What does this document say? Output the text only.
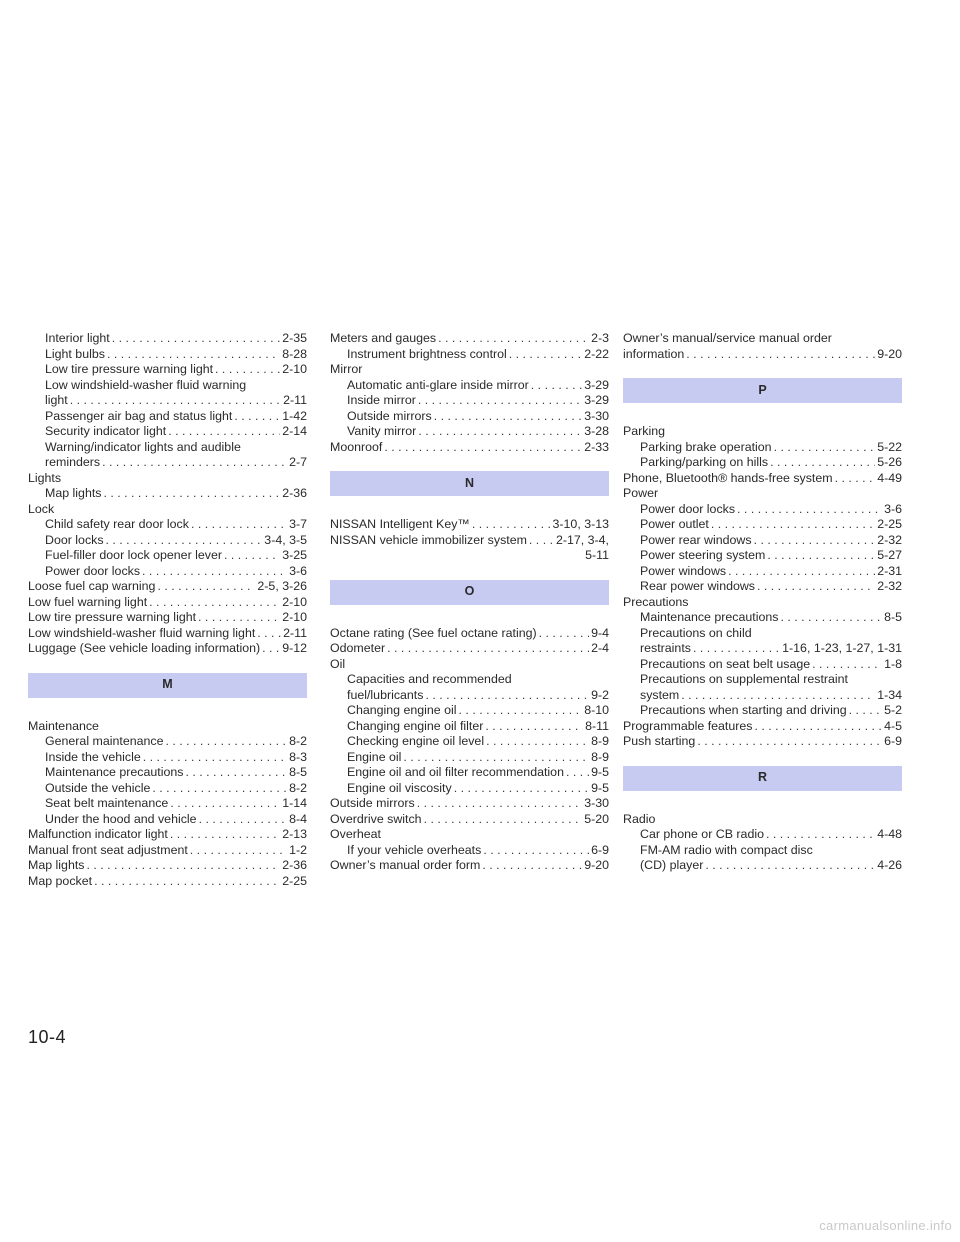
Interior light . . .	2-35
Light bulbs . . .	8-28
Low tire pressure warning light . . .	2-10
Low windshield-washer fluid warning
light . . .	2-11
Passenger air bag and status light . . .	1-42
Security indicator light . . .	2-14
Warning/indicator lights and audible
reminders . . .	2-7
Lights
Map lights . . .	2-36
Lock
Child safety rear door lock . . .	3-7
Door locks . . .	3-4, 3-5
Fuel-filler door lock opener lever . . .	3-25
Power door locks . . .	3-6
Loose fuel cap warning . . .	2-5, 3-26
Low fuel warning light . . .	2-10
Low tire pressure warning light . . .	2-10
Low windshield-washer fluid warning light . . . 2-11
Luggage (See vehicle loading information) . . . 9-12
M
Maintenance
General maintenance . . .	8-2
Inside the vehicle . . .	8-3
Maintenance precautions . . .	8-5
Outside the vehicle . . .	8-2
Seat belt maintenance . . .	1-14
Under the hood and vehicle . . .	8-4
Malfunction indicator light . . .	2-13
Manual front seat adjustment . . .	1-2
Map lights . . .	2-36
Map pocket . . .	2-25
Meters and gauges . . .	2-3
Instrument brightness control . . .	2-22
Mirror
Automatic anti-glare inside mirror . . .	3-29
Inside mirror . . .	3-29
Outside mirrors . . .	3-30
Vanity mirror . . .	3-28
Moonroof . . .	2-33
N
NISSAN Intelligent Key™ . . .	3-10, 3-13
NISSAN vehicle immobilizer system . . . 2-17, 3-4,
5-11
O
Octane rating (See fuel octane rating) . . .	9-4
Odometer . . .	2-4
Oil
Capacities and recommended
fuel/lubricants . . .	9-2
Changing engine oil . . .	8-10
Changing engine oil filter . . .	8-11
Checking engine oil level . . .	8-9
Engine oil . . .	8-9
Engine oil and oil filter recommendation . . . 9-5
Engine oil viscosity . . .	9-5
Outside mirrors . . .	3-30
Overdrive switch . . .	5-20
Overheat
If your vehicle overheats . . .	6-9
Owner’s manual order form . . .	9-20
Owner’s manual/service manual order
information . . .	9-20
P
Parking
Parking brake operation . . .	5-22
Parking/parking on hills . . .	5-26
Phone, Bluetooth® hands-free system . . .	4-49
Power
Power door locks . . .	3-6
Power outlet . . .	2-25
Power rear windows . . .	2-32
Power steering system . . .	5-27
Power windows . . .	2-31
Rear power windows . . .	2-32
Precautions
Maintenance precautions . . .	8-5
Precautions on child
restraints . . .	1-16, 1-23, 1-27, 1-31
Precautions on seat belt usage . . .	1-8
Precautions on supplemental restraint
system . . .	1-34
Precautions when starting and driving . . .	5-2
Programmable features . . .	4-5
Push starting . . .	6-9
R
Radio
Car phone or CB radio . . .	4-48
FM-AM radio with compact disc
(CD) player . . .	4-26
10-4
carmanualsonline.info
